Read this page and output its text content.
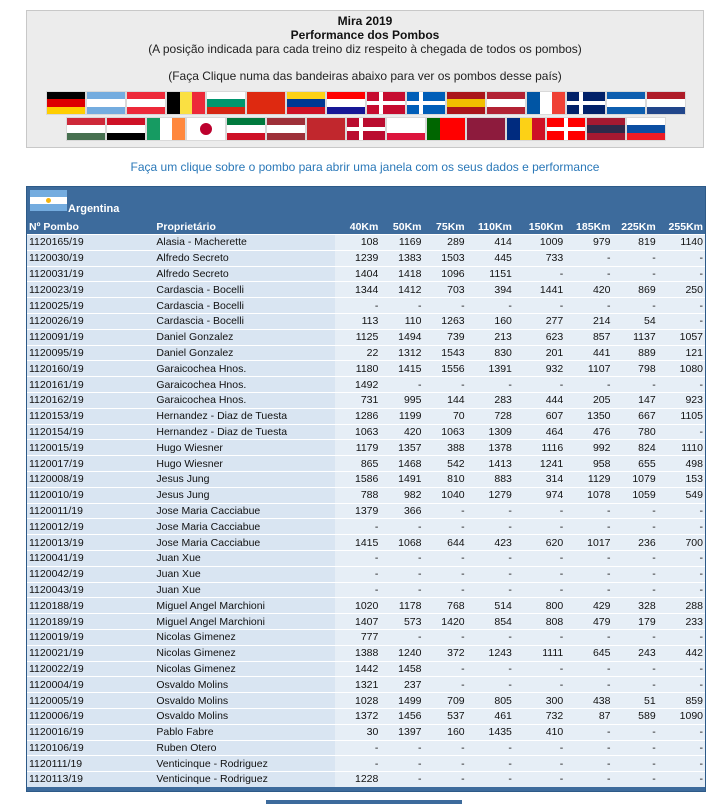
Mira 2019
Performance dos Pombos
(A posição indicada para cada treino diz respeito à chegada de todos os pombos)
(Faça Clique numa das bandeiras abaixo para ver os pombos desse país)
Faça um clique sobre o pombo para abrir uma janela com os seus dados e performance
Argentina
Nº Pombo	Proprietário	40Km	50Km	75Km	110Km	150Km	185Km	225Km	255Km
1120165/19	Alasia - Macherette	108	1169	289	414	1009	979	819	1140
1120030/19	Alfredo Secreto	1239	1383	1503	445	733	-	-	-
1120031/19	Alfredo Secreto	1404	1418	1096	1151	-	-	-	-
1120023/19	Cardascia - Bocelli	1344	1412	703	394	1441	420	869	250
1120025/19	Cardascia - Bocelli	-	-	-	-	-	-	-	-
1120026/19	Cardascia - Bocelli	113	110	1263	160	277	214	54	-
1120091/19	Daniel Gonzalez	1125	1494	739	213	623	857	1137	1057
1120095/19	Daniel Gonzalez	22	1312	1543	830	201	441	889	121
1120160/19	Garaicochea Hnos.	1180	1415	1556	1391	932	1107	798	1080
1120161/19	Garaicochea Hnos.	1492	-	-	-	-	-	-	-
1120162/19	Garaicochea Hnos.	731	995	144	283	444	205	147	923
1120153/19	Hernandez - Diaz de Tuesta	1286	1199	70	728	607	1350	667	1105
1120154/19	Hernandez - Diaz de Tuesta	1063	420	1063	1309	464	476	780	-
1120015/19	Hugo Wiesner	1179	1357	388	1378	1116	992	824	1110
1120017/19	Hugo Wiesner	865	1468	542	1413	1241	958	655	498
1120008/19	Jesus Jung	1586	1491	810	883	314	1129	1079	153
1120010/19	Jesus Jung	788	982	1040	1279	974	1078	1059	549
1120011/19	Jose Maria Cacciabue	1379	366	-	-	-	-	-	-
1120012/19	Jose Maria Cacciabue	-	-	-	-	-	-	-	-
1120013/19	Jose Maria Cacciabue	1415	1068	644	423	620	1017	236	700
1120041/19	Juan Xue	-	-	-	-	-	-	-	-
1120042/19	Juan Xue	-	-	-	-	-	-	-	-
1120043/19	Juan Xue	-	-	-	-	-	-	-	-
1120188/19	Miguel Angel Marchioni	1020	1178	768	514	800	429	328	288
1120189/19	Miguel Angel Marchioni	1407	573	1420	854	808	479	179	233
1120019/19	Nicolas Gimenez	777	-	-	-	-	-	-	-
1120021/19	Nicolas Gimenez	1388	1240	372	1243	1111	645	243	442
1120022/19	Nicolas Gimenez	1442	1458	-	-	-	-	-	-
1120004/19	Osvaldo Molins	1321	237	-	-	-	-	-	-
1120005/19	Osvaldo Molins	1028	1499	709	805	300	438	51	859
1120006/19	Osvaldo Molins	1372	1456	537	461	732	87	589	1090
1120016/19	Pablo Fabre	30	1397	160	1435	410	-	-	-
1120106/19	Ruben Otero	-	-	-	-	-	-	-	-
1120111/19	Venticinque - Rodriguez	-	-	-	-	-	-	-	-
1120113/19	Venticinque - Rodriguez	1228	-	-	-	-	-	-	-
